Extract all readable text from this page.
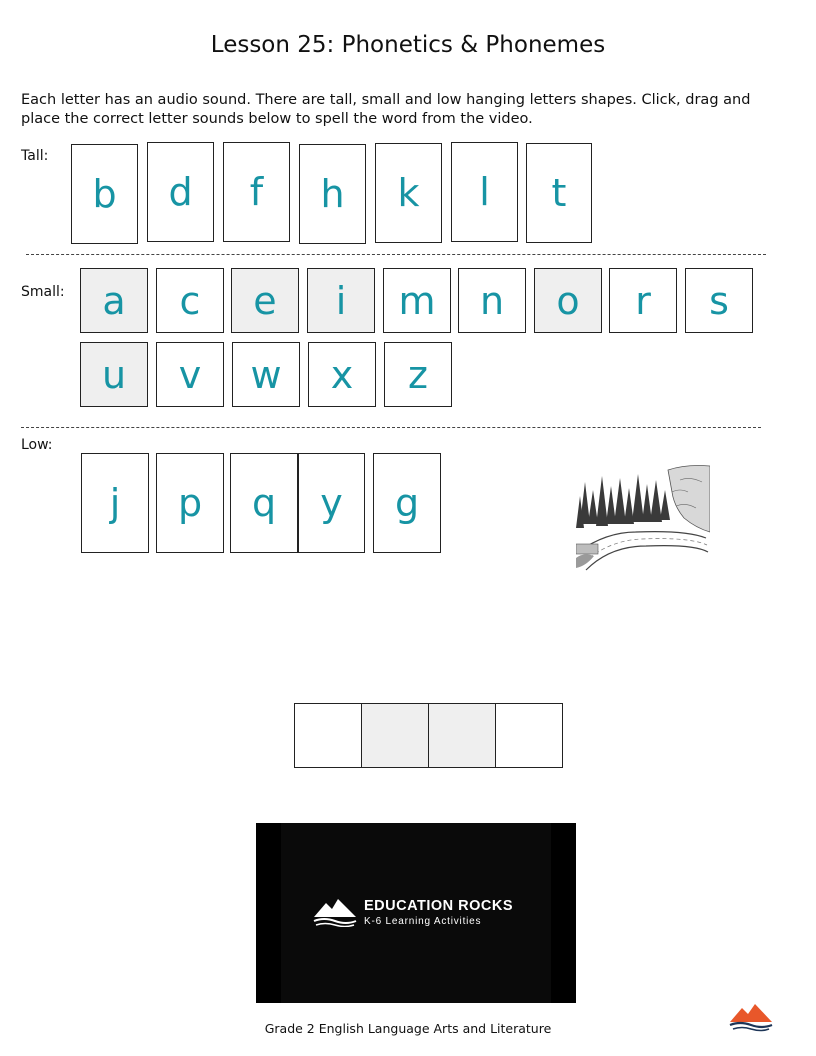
Lesson 25: Phonetics & Phonemes
Each letter has an audio sound. There are tall, small and low hanging letters shapes. Click, drag and place the correct letter sounds below to spell the word from the video.
Tall:
b d f h k l t
Small: a c e i m n o r s
u v w x z
Low:
j p q y g
EDUCATION ROCKS
K-6 Learning Activities
Grade 2 English Language Arts and Literature
